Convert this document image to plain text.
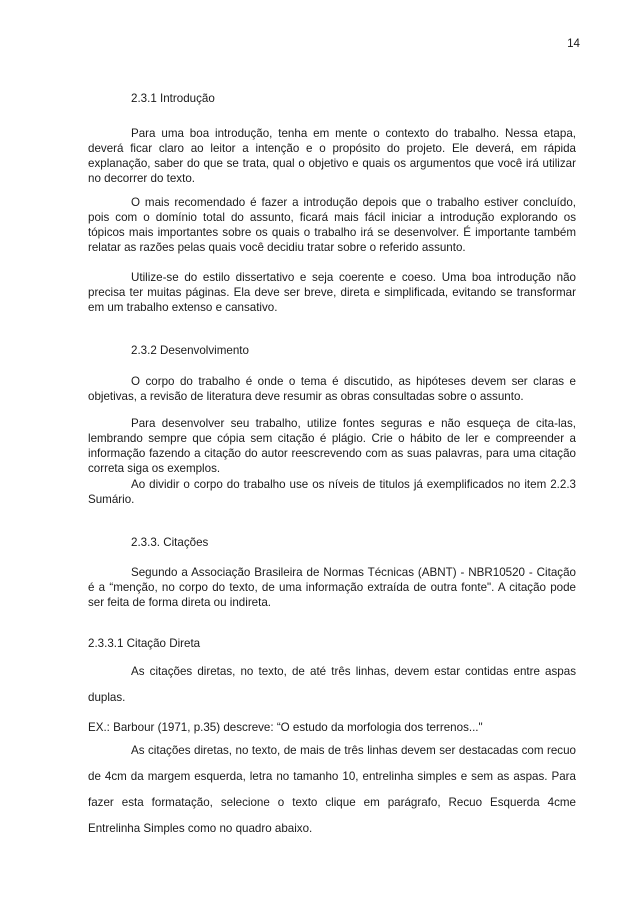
14
2.3.1 Introdução

Para uma boa introdução, tenha em mente o contexto do trabalho. Nessa etapa, deverá ficar claro ao leitor a intenção e o propósito do projeto. Ele deverá, em rápida explanação, saber do que se trata, qual o objetivo e quais os argumentos que você irá utilizar no decorrer do texto.

O mais recomendado é fazer a introdução depois que o trabalho estiver concluído, pois com o domínio total do assunto, ficará mais fácil iniciar a introdução explorando os tópicos mais importantes sobre os quais o trabalho irá se desenvolver. É importante também relatar as razões pelas quais você decidiu tratar sobre o referido assunto.

Utilize-se do estilo dissertativo e seja coerente e coeso. Uma boa introdução não precisa ter muitas páginas. Ela deve ser breve, direta e simplificada, evitando se transformar em um trabalho extenso e cansativo.

2.3.2 Desenvolvimento

O corpo do trabalho é onde o tema é discutido, as hipóteses devem ser claras e objetivas, a revisão de literatura deve resumir as obras consultadas sobre o assunto.

Para desenvolver seu trabalho, utilize fontes seguras e não esqueça de cita-las, lembrando sempre que cópia sem citação é plágio. Crie o hábito de ler e compreender a informação fazendo a citação do autor reescrevendo com as suas palavras, para uma citação correta siga os exemplos.

Ao dividir o corpo do trabalho use os níveis de titulos já exemplificados no item 2.2.3 Sumário.

2.3.3. Citações

Segundo a Associação Brasileira de Normas Técnicas (ABNT) - NBR10520 - Citação é a “menção, no corpo do texto, de uma informação extraída de outra fonte". A citação pode ser feita de forma direta ou indireta.

2.3.3.1 Citação Direta

As citações diretas, no texto, de até três linhas, devem estar contidas entre aspas duplas.

EX.: Barbour (1971, p.35) descreve: “O estudo da morfologia dos terrenos..."

As citações diretas, no texto, de mais de três linhas devem ser destacadas com recuo de 4cm da margem esquerda, letra no tamanho 10, entrelinha simples e sem as aspas. Para fazer esta formatação, selecione o texto clique em parágrafo, Recuo Esquerda 4cme Entrelinha Simples como no quadro abaixo.
